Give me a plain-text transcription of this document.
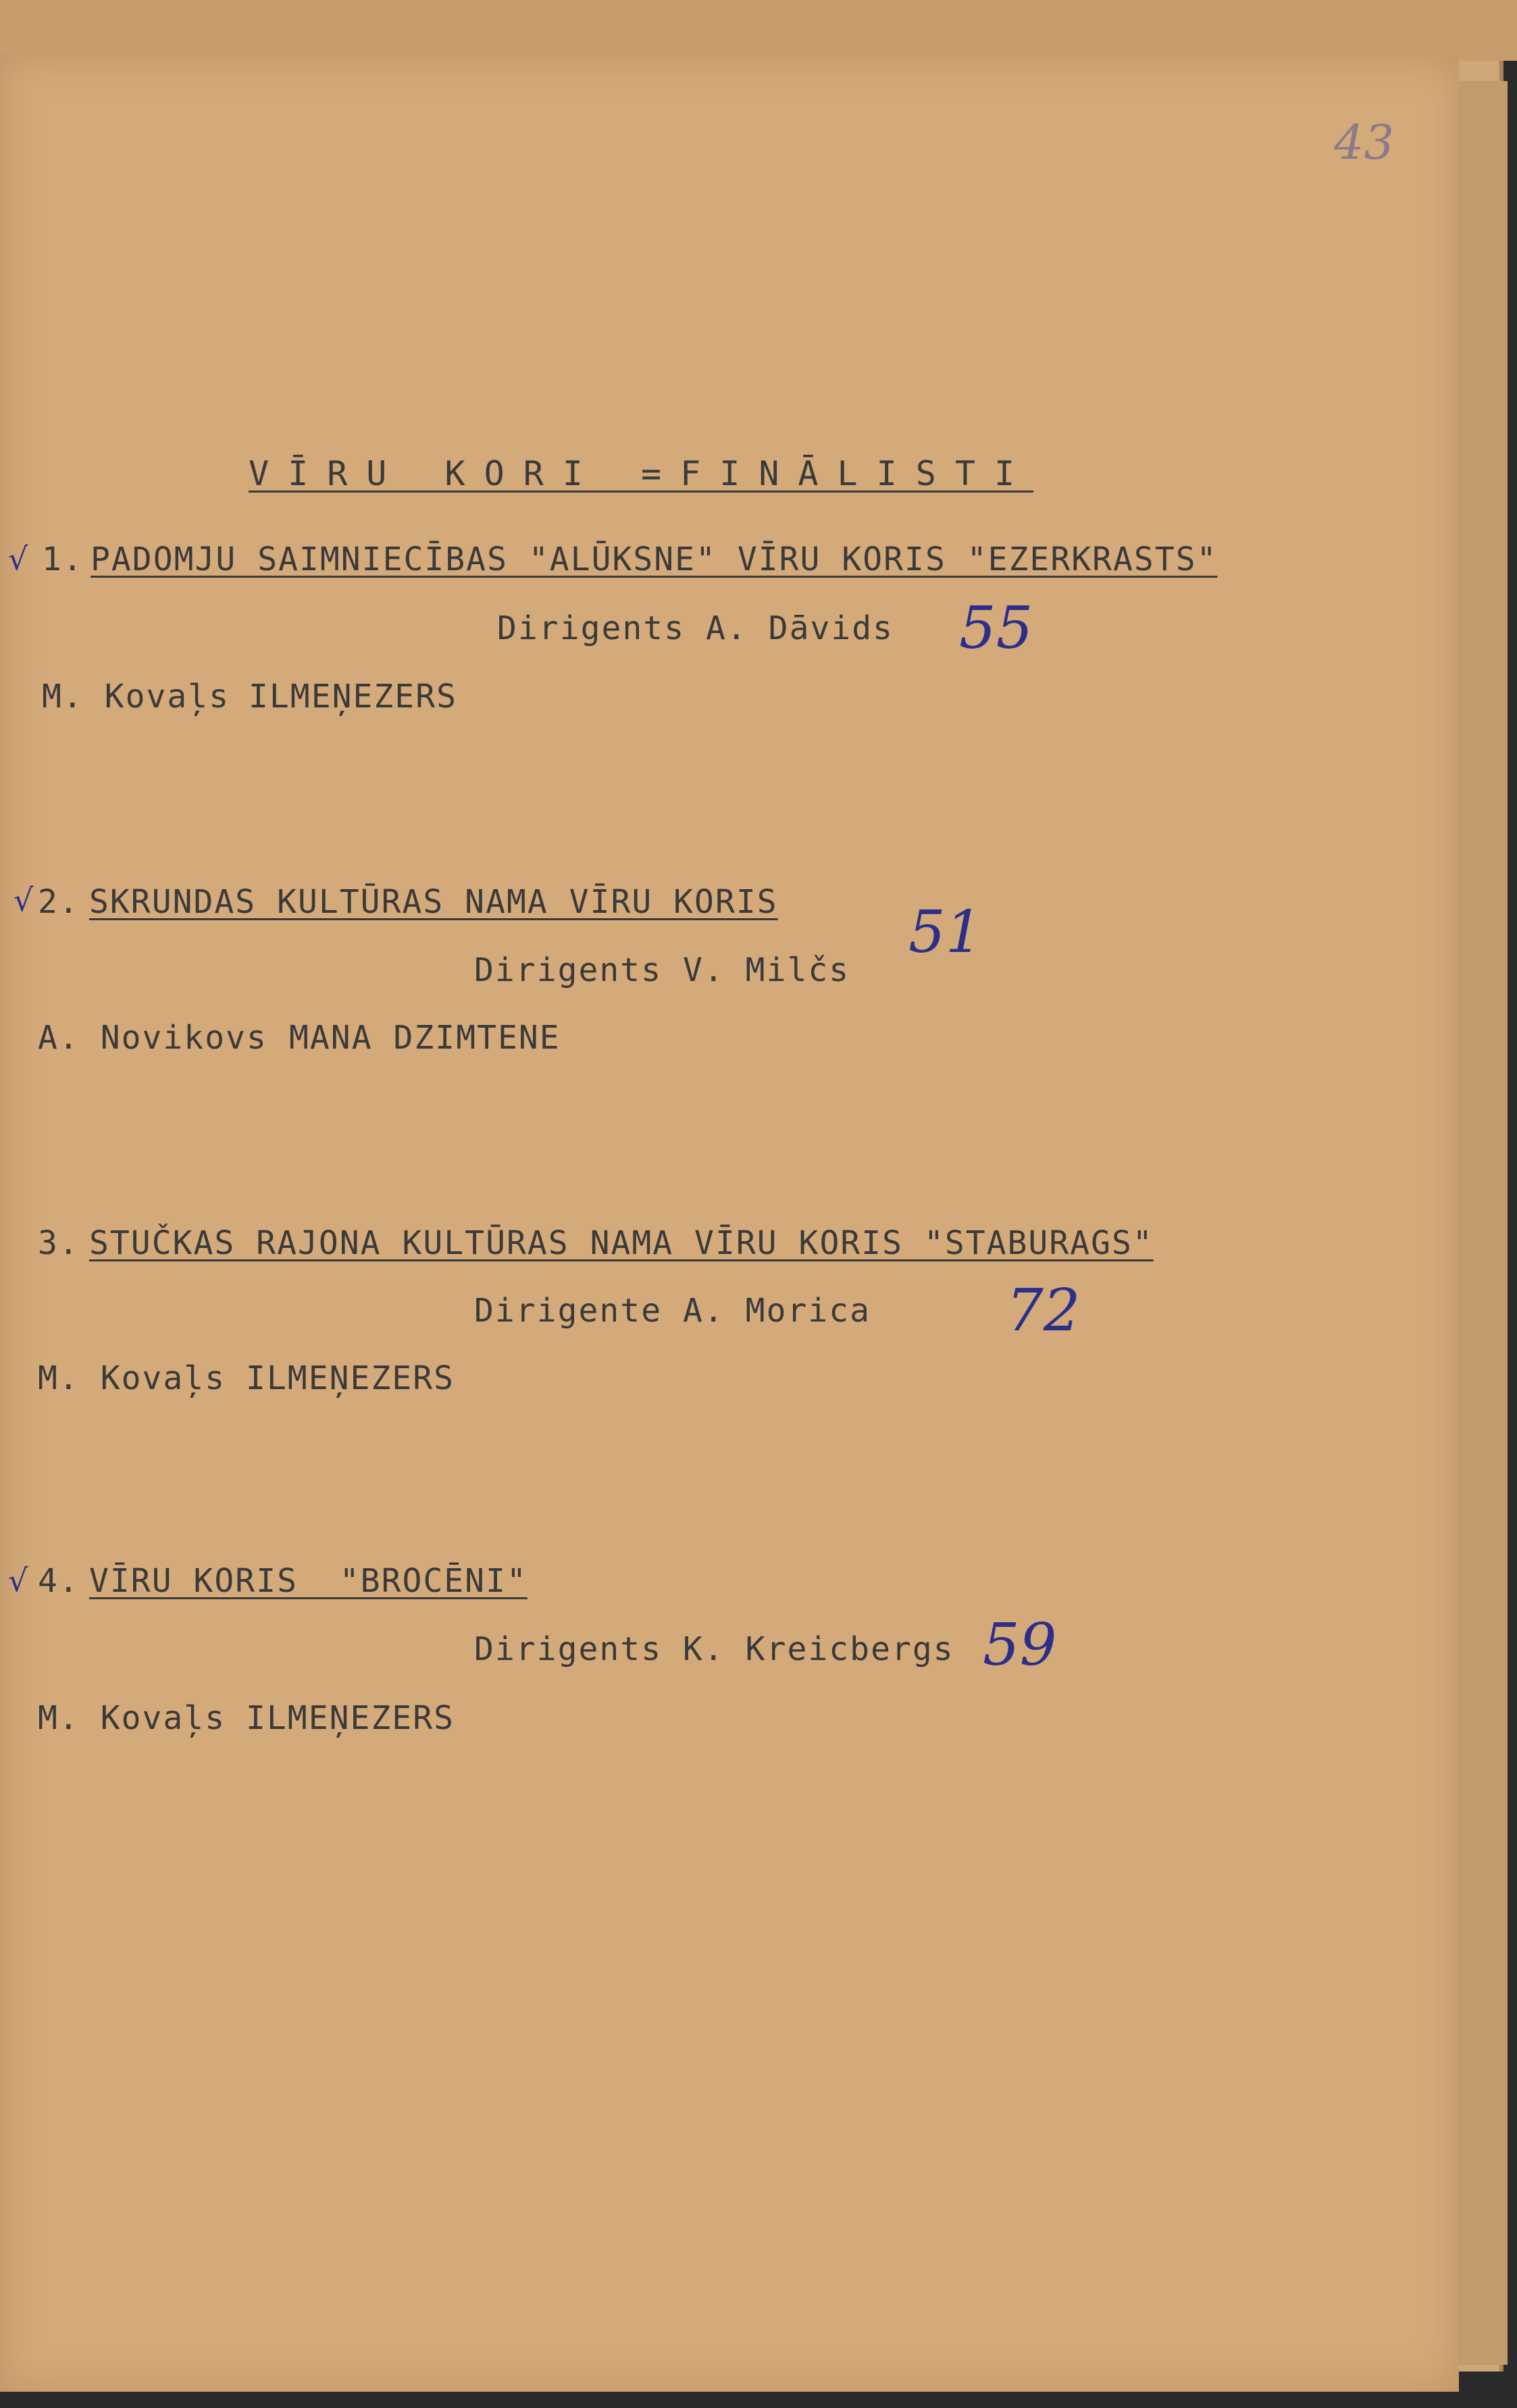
43
VĪRU KORI =FINĀLISTI
√ 1. PADOMJU SAIMNIECĪBAS "ALŪKSNE" VĪRU KORIS "EZERKRASTS"
Dirigents A. Dāvids 55
M. Kovaļs ILMEŅEZERS
√ 2. SKRUNDAS KULTŪRAS NAMA VĪRU KORIS
Dirigents V. Milčs
51
A. Novikovs MANA DZIMTENE
3. STUČKAS RAJONA KULTŪRAS NAMA VĪRU KORIS "STABURAGS"
Dirigente A. Morica 72
M. Kovaļs ILMEŅEZERS
√ 4. VĪRU KORIS  "BROCĒNI"
Dirigents K. Kreicbergs 59
M. Kovaļs ILMEŅEZERS
